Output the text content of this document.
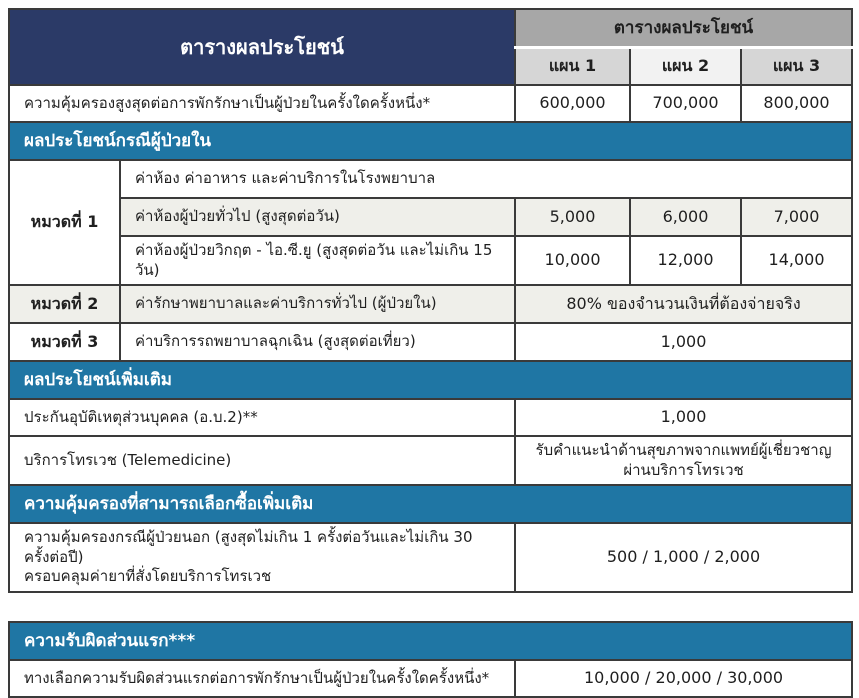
ตารางผลประโยชน์		ตารางผลประโยชน์		
		แผน 1	แผน 2	แผน 3
ความคุ้มครองสูงสุดต่อการพักรักษาเป็นผู้ป่วยในครั้งใดครั้งหนึ่ง*		600,000	700,000	800,000
ผลประโยชน์กรณีผู้ป่วยใน				
หมวดที่ 1	ค่าห้อง ค่าอาหาร และค่าบริการในโรงพยาบาล			
	ค่าห้องผู้ป่วยทั่วไป (สูงสุดต่อวัน)	5,000	6,000	7,000
	ค่าห้องผู้ป่วยวิกฤต - ไอ.ซี.ยู (สูงสุดต่อวัน และไม่เกิน 15 วัน)	10,000	12,000	14,000
หมวดที่ 2	ค่ารักษาพยาบาลและค่าบริการทั่วไป (ผู้ป่วยใน)	80% ของจำนวนเงินที่ต้องจ่ายจริง		
หมวดที่ 3	ค่าบริการรถพยาบาลฉุกเฉิน (สูงสุดต่อเที่ยว)	1,000		
ผลประโยชน์เพิ่มเติม				
ประกันอุบัติเหตุส่วนบุคคล (อ.บ.2)**		1,000		
บริการโทรเวช (Telemedicine)		รับคำแนะนำด้านสุขภาพจากแพทย์ผู้เชี่ยวชาญ
ผ่านบริการโทรเวช		

ความคุ้มครองที่สามารถเลือกซื้อเพิ่มเติม				

ความคุ้มครองกรณีผู้ป่วยนอก (สูงสุดไม่เกิน 1 ครั้งต่อวันและไม่เกิน 30 ครั้งต่อปี)
ครอบคลุมค่ายาที่สั่งโดยบริการโทรเวช		500 / 1,000 / 2,000		
ความรับผิดส่วนแรก***
ทางเลือกความรับผิดส่วนแรกต่อการพักรักษาเป็นผู้ป่วยในครั้งใดครั้งหนึ่ง*	10,000 / 20,000 / 30,000
